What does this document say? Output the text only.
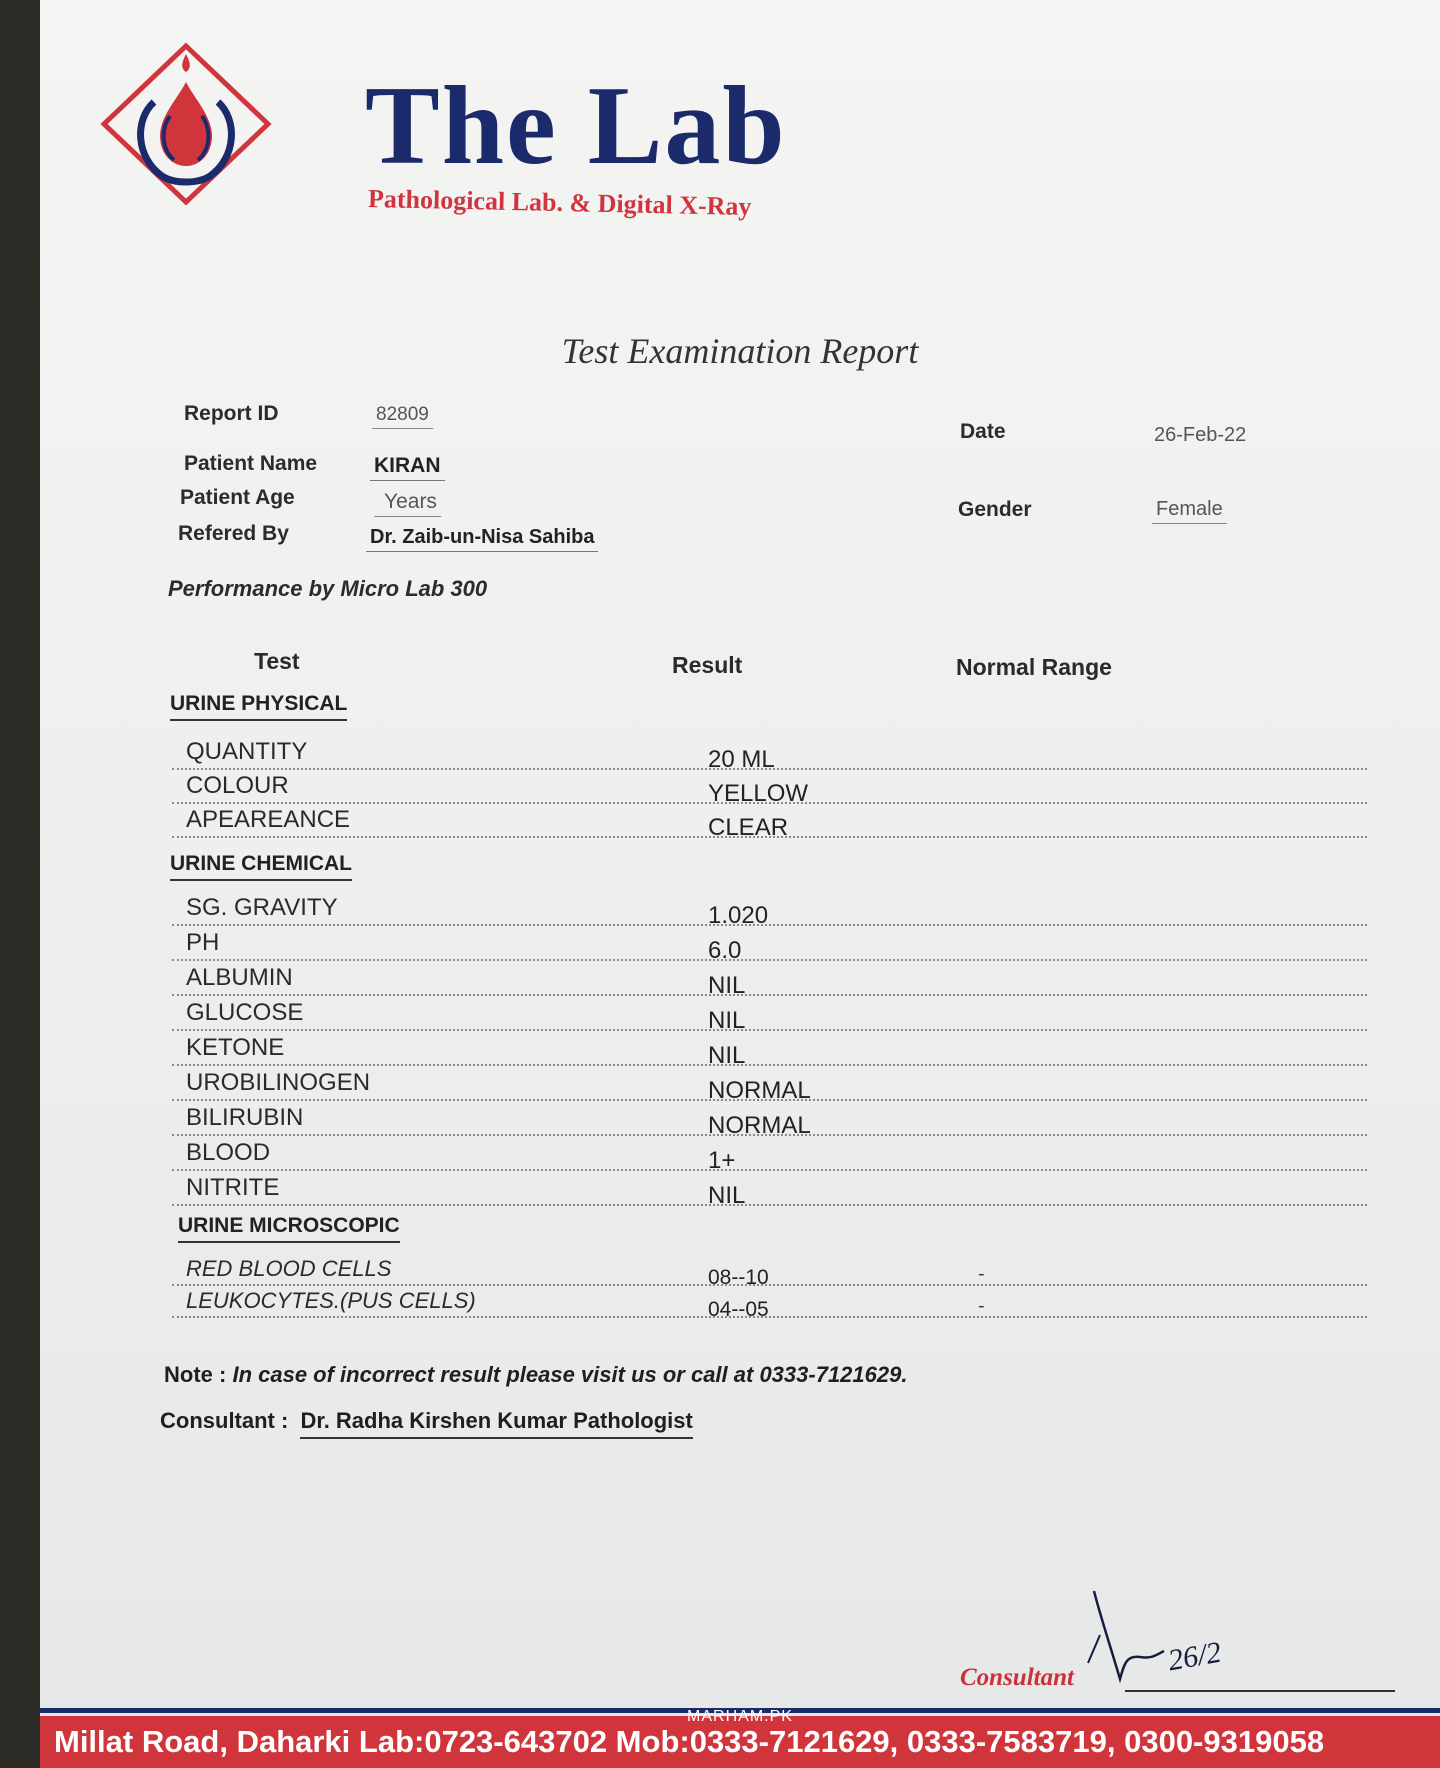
The Lab
Pathological Lab. & Digital X-Ray
Test Examination Report
Report ID	82809
Date	26-Feb-22
Patient Name	KIRAN
Patient Age	Years	Gender	Female
Refered By	Dr. Zaib-un-Nisa Sahiba
Performance by Micro Lab 300
Test	Result	Normal Range
URINE PHYSICAL
QUANTITY	20 ML
COLOUR	YELLOW
APEAREANCE	CLEAR
URINE CHEMICAL
SG. GRAVITY	1.020
PH	6.0
ALBUMIN	NIL
GLUCOSE	NIL
KETONE	NIL
UROBILINOGEN	NORMAL
BILIRUBIN	NORMAL
BLOOD	1+
NITRITE	NIL
URINE MICROSCOPIC
RED BLOOD CELLS	08--10	-
LEUKOCYTES.(PUS CELLS)	04--05	-
Note : In case of incorrect result please visit us or call at 0333-7121629.
Consultant : Dr. Radha Kirshen Kumar Pathologist
26/2
Consultant
Millat Road, Daharki Lab:0723-643702 Mob:0333-7121629, 0333-7583719, 0300-9319058
MARHAM.PK
